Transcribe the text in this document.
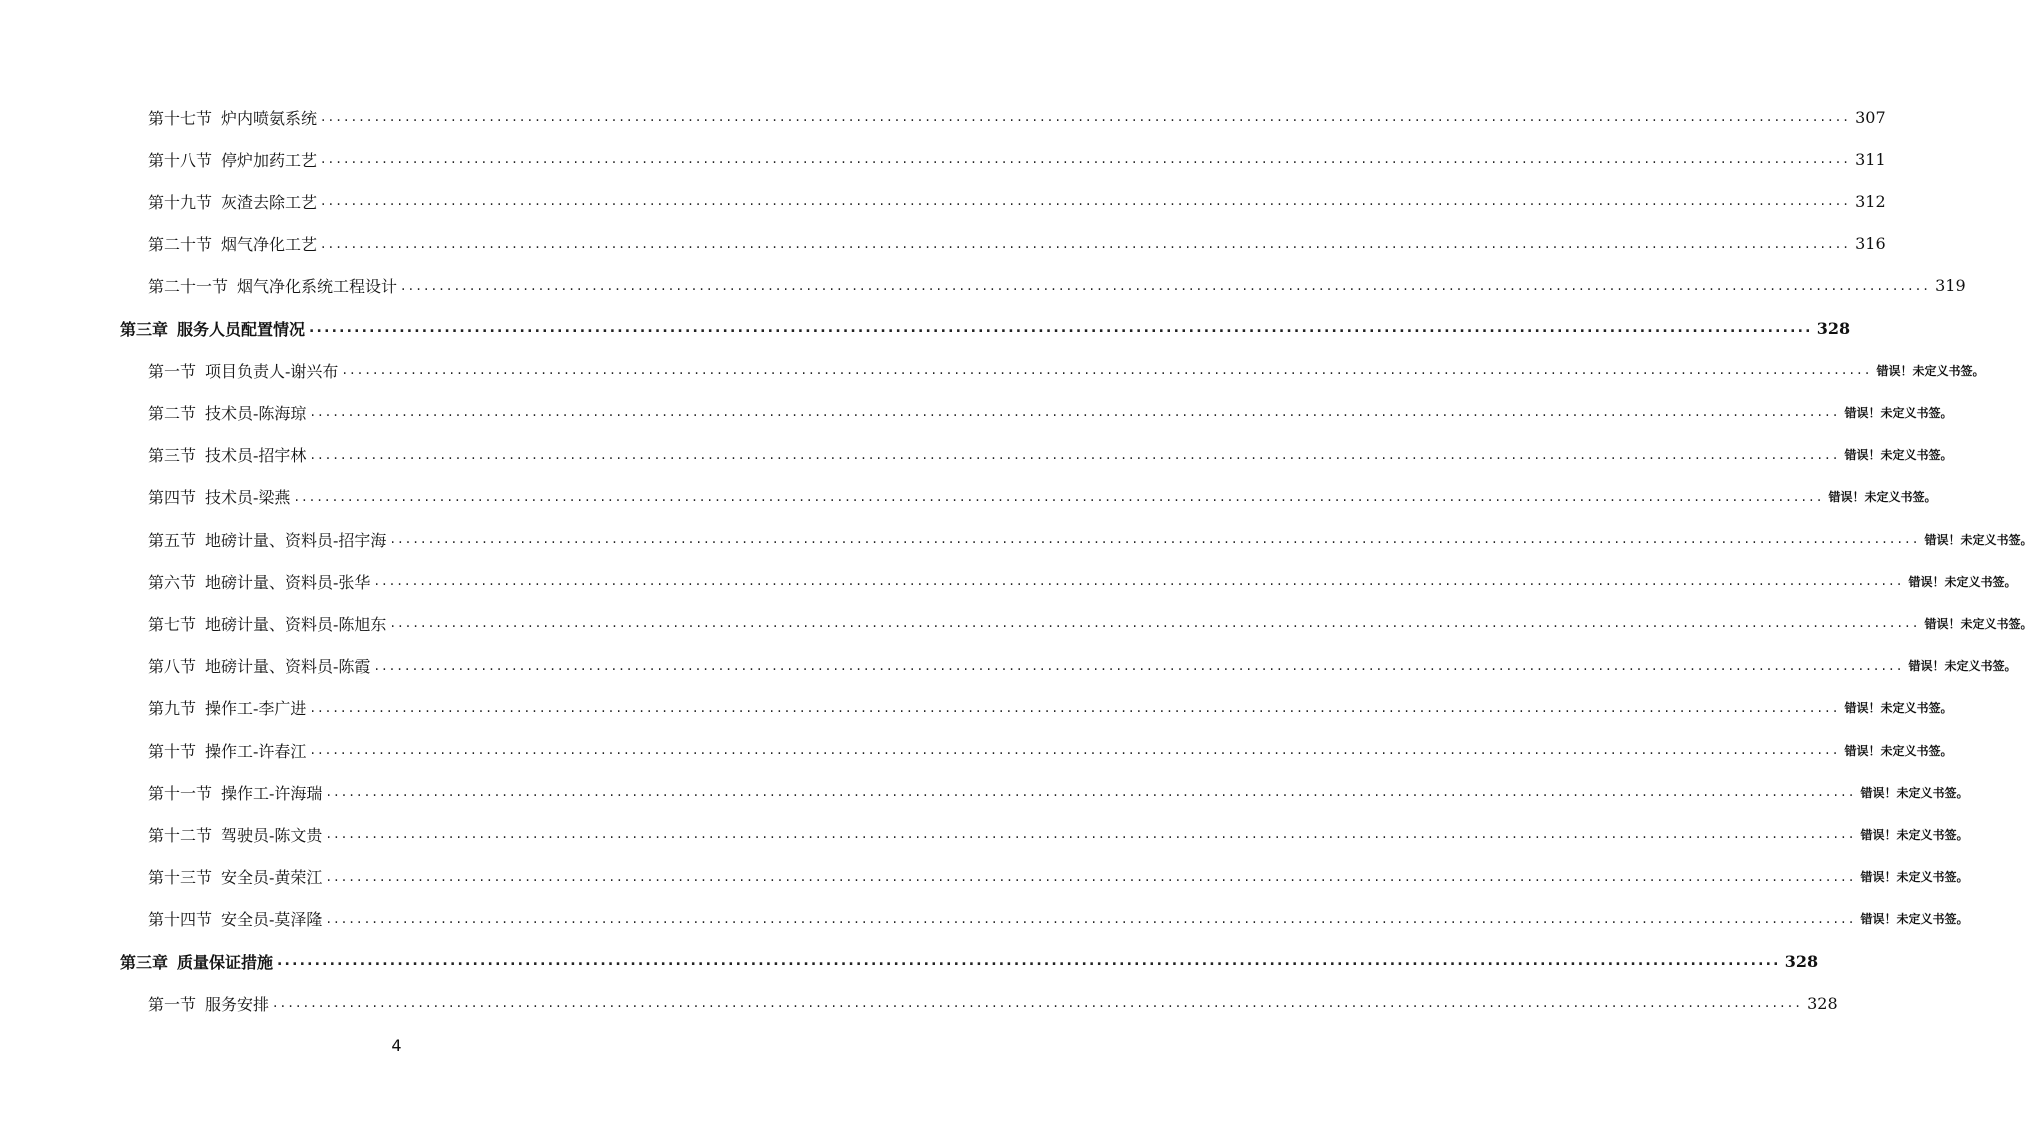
第十七节 炉内喷氨系统 ........................................................................................................................................................................................................ 307
第十八节 停炉加药工艺 ........................................................................................................................................................................................................ 311
第十九节 灰渣去除工艺 ........................................................................................................................................................................................................ 312
第二十节 烟气净化工艺 ........................................................................................................................................................................................................ 316
第二十一节 烟气净化系统工程设计 ........................................................................................................................................................................................................ 319
第三章 服务人员配置情况 ........................................................................................................................................................................................................ 328
第一节 项目负责人-谢兴布 ........................................................................................................................................................................................................ 错误！未定义书签。
第二节 技术员-陈海琼 ........................................................................................................................................................................................................ 错误！未定义书签。
第三节 技术员-招宇林 ........................................................................................................................................................................................................ 错误！未定义书签。
第四节 技术员-梁燕 ........................................................................................................................................................................................................ 错误！未定义书签。
第五节 地磅计量、资料员-招宇海 ........................................................................................................................................................................................................ 错误！未定义书签。
第六节 地磅计量、资料员-张华 ........................................................................................................................................................................................................ 错误！未定义书签。
第七节 地磅计量、资料员-陈旭东 ........................................................................................................................................................................................................ 错误！未定义书签。
第八节 地磅计量、资料员-陈霞 ........................................................................................................................................................................................................ 错误！未定义书签。
第九节 操作工-李广进 ........................................................................................................................................................................................................ 错误！未定义书签。
第十节 操作工-许春江 ........................................................................................................................................................................................................ 错误！未定义书签。
第十一节 操作工-许海瑞 ........................................................................................................................................................................................................ 错误！未定义书签。
第十二节 驾驶员-陈文贵 ........................................................................................................................................................................................................ 错误！未定义书签。
第十三节 安全员-黄荣江 ........................................................................................................................................................................................................ 错误！未定义书签。
第十四节 安全员-莫泽隆 ........................................................................................................................................................................................................ 错误！未定义书签。
第三章 质量保证措施 ........................................................................................................................................................................................................ 328
第一节 服务安排 ........................................................................................................................................................................................................ 328
4
